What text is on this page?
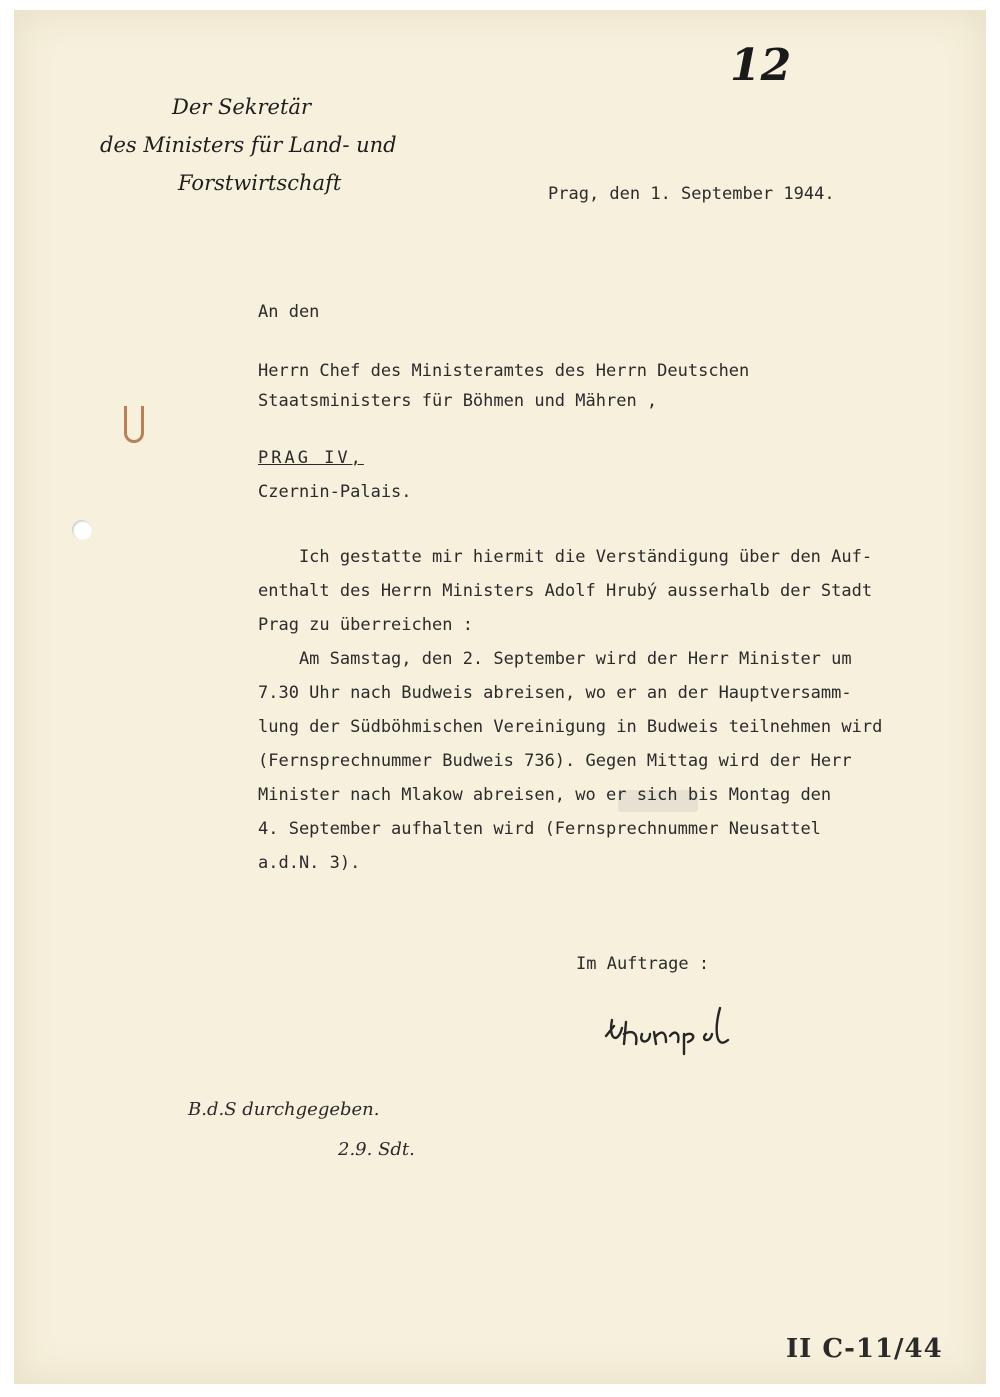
12
Der Sekretär
des Ministers für Land- und
Forstwirtschaft	Prag, den 1. September 1944.
An den
Herrn Chef des Ministeramtes des Herrn Deutschen
Staatsministers für Böhmen und Mähren ,
PRAG IV,
Czernin-Palais.
Ich gestatte mir hiermit die Verständigung über den Auf-
enthalt des Herrn Ministers Adolf Hrubý ausserhalb der Stadt
Prag zu überreichen :
Am Samstag, den 2. September wird der Herr Minister um
7.30 Uhr nach Budweis abreisen, wo er an der Hauptversamm-
lung der Südböhmischen Vereinigung in Budweis teilnehmen wird
(Fernsprechnummer Budweis 736). Gegen Mittag wird der Herr
Minister nach Mlakow abreisen, wo er sich bis Montag den
4. September aufhalten wird (Fernsprechnummer Neusattel
a.d.N. 3).
Im Auftrage :
B.d.S durchgegeben.
2.9. Sdt.
II C-11/44
